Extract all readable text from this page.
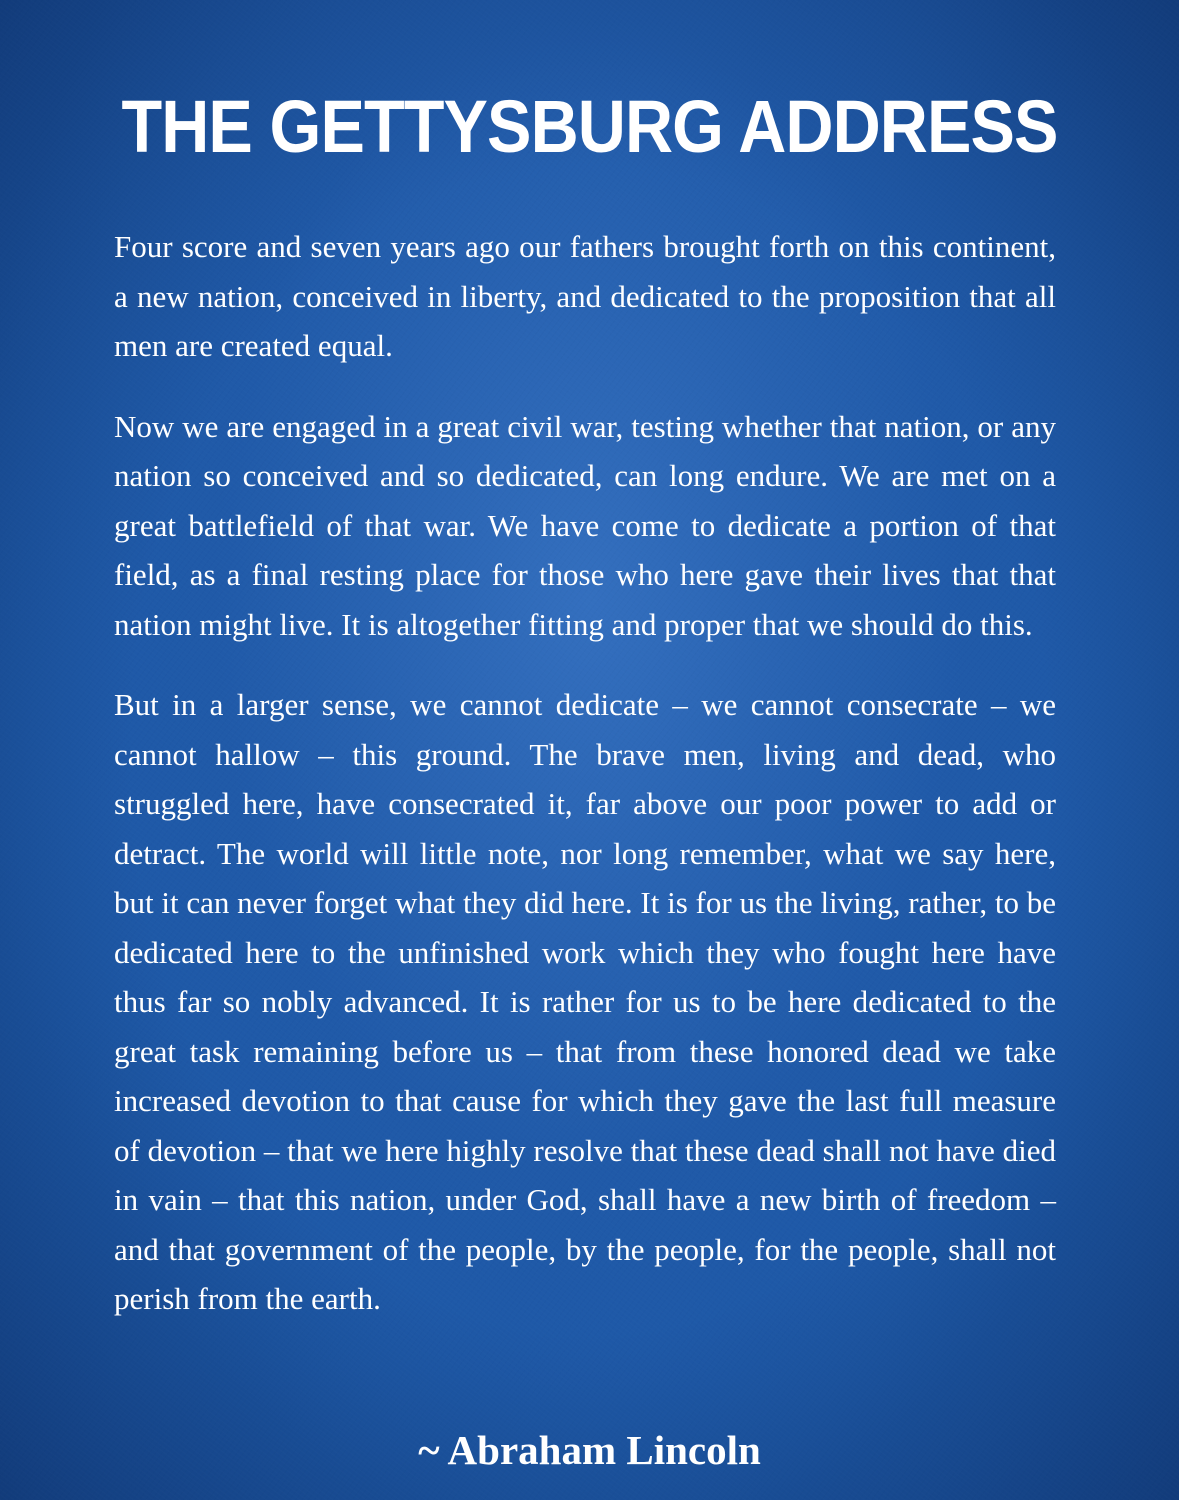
THE GETTYSBURG ADDRESS

Four score and seven years ago our fathers brought forth on this continent, a new nation, conceived in liberty, and dedicated to the proposition that all men are created equal.

Now we are engaged in a great civil war, testing whether that nation, or any nation so conceived and so dedicated, can long endure. We are met on a great battlefield of that war. We have come to dedicate a portion of that field, as a final resting place for those who here gave their lives that that nation might live. It is altogether fitting and proper that we should do this.

But in a larger sense, we cannot dedicate – we cannot consecrate – we cannot hallow – this ground. The brave men, living and dead, who struggled here, have consecrated it, far above our poor power to add or detract. The world will little note, nor long remember, what we say here, but it can never forget what they did here. It is for us the living, rather, to be dedicated here to the unfinished work which they who fought here have thus far so nobly advanced. It is rather for us to be here dedicated to the great task remaining before us – that from these honored dead we take increased devotion to that cause for which they gave the last full measure of devotion – that we here highly resolve that these dead shall not have died in vain – that this nation, under God, shall have a new birth of freedom – and that government of the people, by the people, for the people, shall not perish from the earth.

~ Abraham Lincoln
